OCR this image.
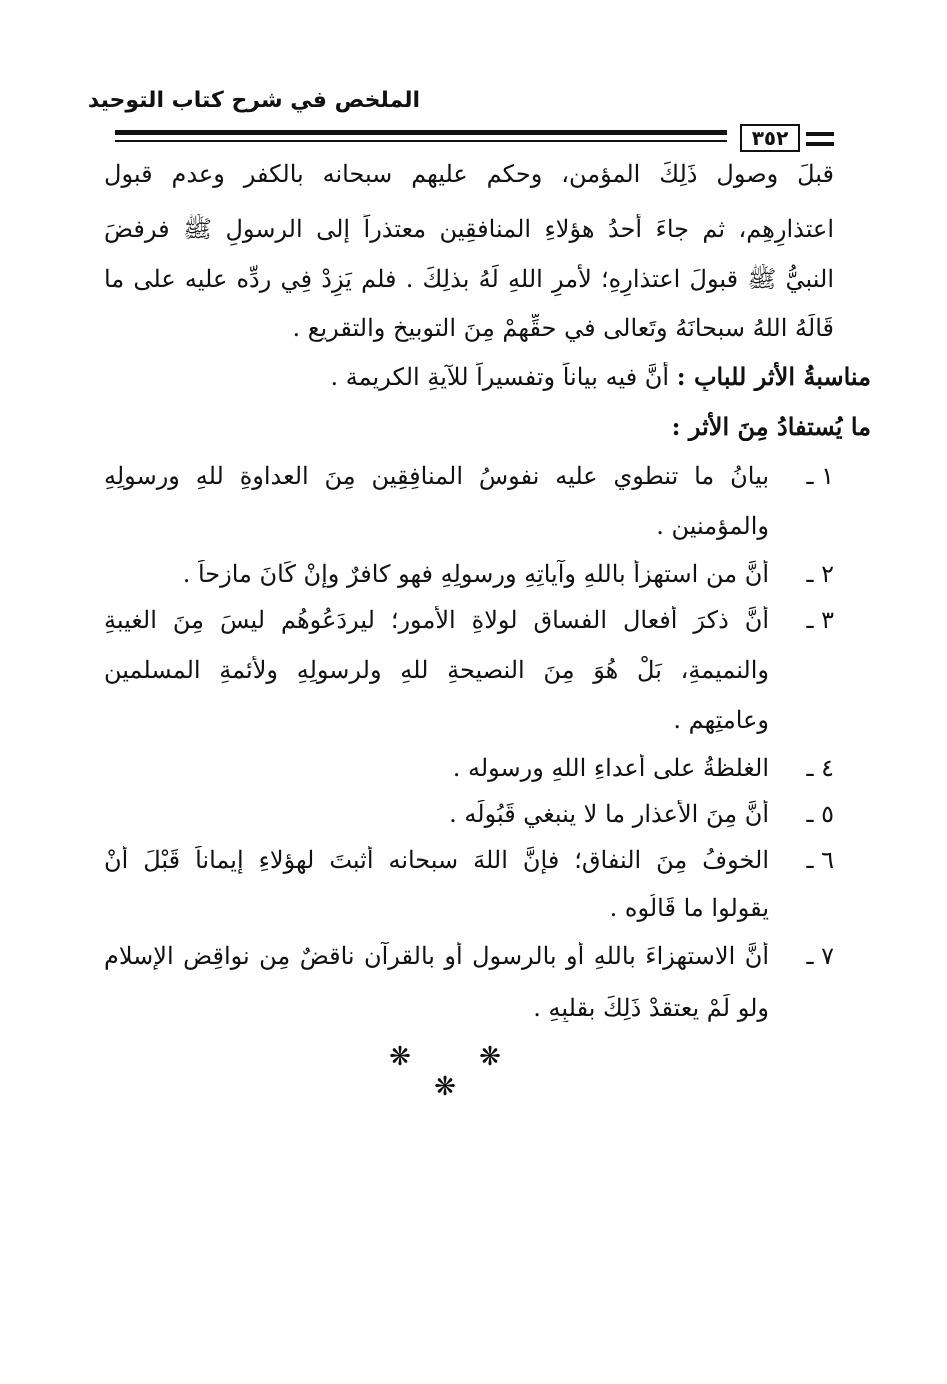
الملخص في شرح كتاب التوحيد
٣٥٢
قبلَ وصولِ ذَلِكَ المؤمن، وحكم عليهم سبحانه بالكفرِ وعدمِ قبولِ
اعتذارِهِم، ثم جاءَ أحدُ هؤلاءِ المنافقِين معتذراً إلى الرسولِ ﷺ فرفضَ
النبيُّ ﷺ قبولَ اعتذارِهِ؛ لأمرِ اللهِ لَهُ بذلِكَ . فلم يَزِدْ فِي ردِّه عليه على ما
قَالَهُ اللهُ سبحانَهُ وتَعالى في حقِّهِمْ مِنَ التوبيخِ والتقريعِ .
مناسبةُ الأثرِ للبابِ : أنَّ فيه بياناً وتفسيراً للآيةِ الكريمة .
ما يُستفادُ مِنَ الأثرِ :
١ ـ
بيانُ ما تنطوي عليه نفوسُ المنافِقِين مِنَ العداوةِ للهِ ورسولِهِ
والمؤمنين .
٢ ـ
أنَّ من استهزأَ باللهِ وآياتِهِ ورسولِهِ فهو كافرٌ وإنْ كَانَ مازحاً .
٣ ـ
أنَّ ذكرَ أفعالِ الفساقِ لولاةِ الأمورِ؛ ليردَعُوهُم ليسَ مِنَ الغيبةِ
والنميمةِ، بَلْ هُوَ مِنَ النصيحةِ للهِ ولرسولِهِ ولأئمةِ المسلمين
وعامتِهِم .
٤ ـ
الغلظةُ على أعداءِ اللهِ ورسوله .
٥ ـ
أنَّ مِنَ الأعذارِ ما لا ينبغي قَبُولَه .
٦ ـ
الخوفُ مِنَ النفاقِ؛ فإنَّ اللهَ سبحانه أثبتَ لهؤلاءِ إيماناً قَبْلَ أَنْ
يقولوا ما قَالُوه .
٧ ـ
أنَّ الاستهزاءَ باللهِ أو بالرسولِ أو بالقرآنِ ناقضٌ مِن نواقِضِ الإسلام
ولو لَمْ يعتقدْ ذَلِكَ بقلبِهِ .
❋ ❋ ❋
